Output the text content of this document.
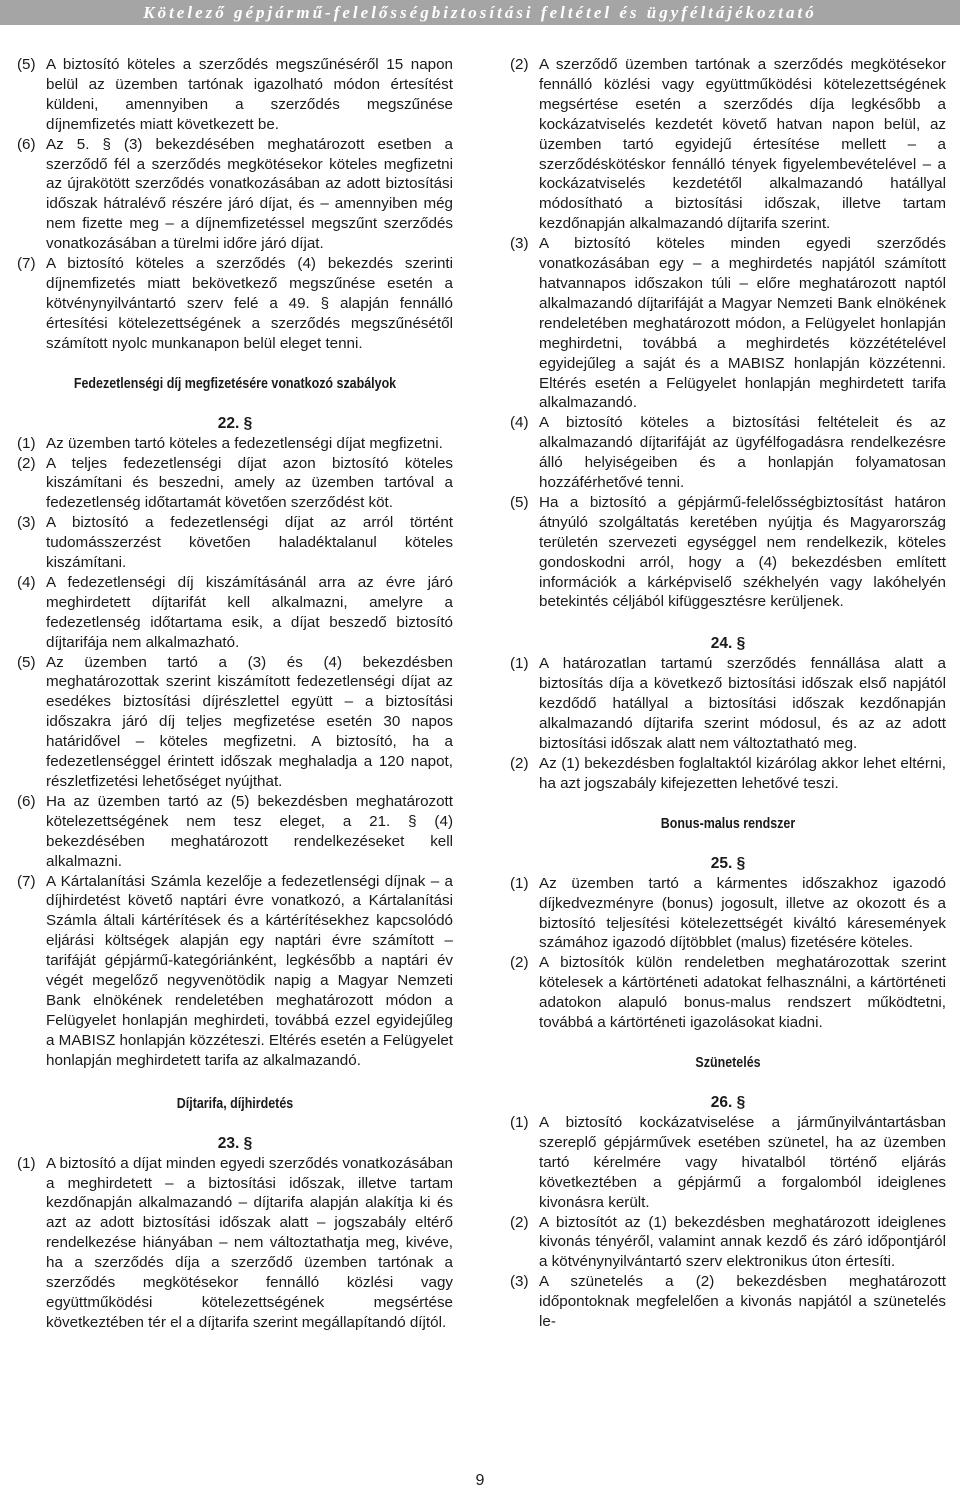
Kötelező gépjármű-felelősségbiztosítási feltétel és ügyféltájékoztató
(5) A biztosító köteles a szerződés megszűnéséről 15 napon belül az üzemben tartónak igazolható módon értesítést küldeni, amennyiben a szerződés megszűnése díjnemfizetés miatt következett be.
(6) Az 5. § (3) bekezdésében meghatározott esetben a szerződő fél a szerződés megkötésekor köteles megfizetni az újrakötött szerződés vonatkozásában az adott biztosítási időszak hátralévő részére járó díjat, és – amennyiben még nem fizette meg – a díjnemfizetéssel megszűnt szerződés vonatkozásában a türelmi időre járó díjat.
(7) A biztosító köteles a szerződés (4) bekezdés szerinti díjnemfizetés miatt bekövetkező megszűnése esetén a kötvénynyilvántartó szerv felé a 49. § alapján fennálló értesítési kötelezettségének a szerződés megszűnésétől számított nyolc munkanapon belül eleget tenni.
Fedezetlenségi díj megfizetésére vonatkozó szabályok
22. §
(1) Az üzemben tartó köteles a fedezetlenségi díjat megfizetni.
(2) A teljes fedezetlenségi díjat azon biztosító köteles kiszámítani és beszedni, amely az üzemben tartóval a fedezetlenség időtartamát követően szerződést köt.
(3) A biztosító a fedezetlenségi díjat az arról történt tudomásszerzést követően haladéktalanul köteles kiszámítani.
(4) A fedezetlenségi díj kiszámításánál arra az évre járó meghirdetett díjtarifát kell alkalmazni, amelyre a fedezetlenség időtartama esik, a díjat beszedő biztosító díjtarifája nem alkalmazható.
(5) Az üzemben tartó a (3) és (4) bekezdésben meghatározottak szerint kiszámított fedezetlenségi díjat az esedékes biztosítási díjrészlettel együtt – a biztosítási időszakra járó díj teljes megfizetése esetén 30 napos határidővel – köteles megfizetni. A biztosító, ha a fedezetlenséggel érintett időszak meghaladja a 120 napot, részletfizetési lehetőséget nyújthat.
(6) Ha az üzemben tartó az (5) bekezdésben meghatározott kötelezettségének nem tesz eleget, a 21. § (4) bekezdésében meghatározott rendelkezéseket kell alkalmazni.
(7) A Kártalanítási Számla kezelője a fedezetlenségi díjnak – a díjhirdetést követő naptári évre vonatkozó, a Kártalanítási Számla általi kártérítések és a kártérítésekhez kapcsolódó eljárási költségek alapján egy naptári évre számított – tarifáját gépjármű-kategóriánként, legkésőbb a naptári év végét megelőző negyvenötödik napig a Magyar Nemzeti Bank elnökének rendeletében meghatározott módon a Felügyelet honlapján meghirdeti, továbbá ezzel egyidejűleg a MABISZ honlapján közzéteszi. Eltérés esetén a Felügyelet honlapján meghirdetett tarifa az alkalmazandó.
Díjtarifa, díjhirdetés
23. §
(1) A biztosító a díjat minden egyedi szerződés vonatkozásában a meghirdetett – a biztosítási időszak, illetve tartam kezdőnapján alkalmazandó – díjtarifa alapján alakítja ki és azt az adott biztosítási időszak alatt – jogszabály eltérő rendelkezése hiányában – nem változtathatja meg, kivéve, ha a szerződés díja a szerződő üzemben tartónak a szerződés megkötésekor fennálló közlési vagy együttműködési kötelezettségének megsértése következtében tér el a díjtarifa szerint megállapítandó díjtól.
(2) A szerződő üzemben tartónak a szerződés megkötésekor fennálló közlési vagy együttműködési kötelezettségének megsértése esetén a szerződés díja legkésőbb a kockázatviselés kezdetét követő hatvan napon belül, az üzemben tartó egyidejű értesítése mellett – a szerződéskötéskor fennálló tények figyelembevételével – a kockázatviselés kezdetétől alkalmazandó hatállyal módosítható a biztosítási időszak, illetve tartam kezdőnapján alkalmazandó díjtarifa szerint.
(3) A biztosító köteles minden egyedi szerződés vonatkozásában egy – a meghirdetés napjától számított hatvannapos időszakon túli – előre meghatározott naptól alkalmazandó díjtarifáját a Magyar Nemzeti Bank elnökének rendeletében meghatározott módon, a Felügyelet honlapján meghirdetni, továbbá a meghirdetés közzétételével egyidejűleg a saját és a MABISZ honlapján közzétenni. Eltérés esetén a Felügyelet honlapján meghirdetett tarifa alkalmazandó.
(4) A biztosító köteles a biztosítási feltételeit és az alkalmazandó díjtarifáját az ügyfélfogadásra rendelkezésre álló helyiségeiben és a honlapján folyamatosan hozzáférhetővé tenni.
(5) Ha a biztosító a gépjármű-felelősségbiztosítást határon átnyúló szolgáltatás keretében nyújtja és Magyarország területén szervezeti egységgel nem rendelkezik, köteles gondoskodni arról, hogy a (4) bekezdésben említett információk a kárképviselő székhelyén vagy lakóhelyén betekintés céljából kifüggesztésre kerüljenek.
24. §
(1) A határozatlan tartamú szerződés fennállása alatt a biztosítás díja a következő biztosítási időszak első napjától kezdődő hatállyal a biztosítási időszak kezdőnapján alkalmazandó díjtarifa szerint módosul, és az az adott biztosítási időszak alatt nem változtatható meg.
(2) Az (1) bekezdésben foglaltaktól kizárólag akkor lehet eltérni, ha azt jogszabály kifejezetten lehetővé teszi.
Bonus-malus rendszer
25. §
(1) Az üzemben tartó a kármentes időszakhoz igazodó díjkedvezményre (bonus) jogosult, illetve az okozott és a biztosító teljesítési kötelezettségét kiváltó káresemények számához igazodó díjtöbblet (malus) fizetésére köteles.
(2) A biztosítók külön rendeletben meghatározottak szerint kötelesek a kártörténeti adatokat felhasználni, a kártörténeti adatokon alapuló bonus-malus rendszert működtetni, továbbá a kártörténeti igazolásokat kiadni.
Szünetelés
26. §
(1) A biztosító kockázatviselése a járműnyilvántartásban szereplő gépjárművek esetében szünetel, ha az üzemben tartó kérelmére vagy hivatalból történő eljárás következtében a gépjármű a forgalomból ideiglenes kivonásra került.
(2) A biztosítót az (1) bekezdésben meghatározott ideiglenes kivonás tényéről, valamint annak kezdő és záró időpontjáról a kötvénynyilvántartó szerv elektronikus úton értesíti.
(3) A szünetelés a (2) bekezdésben meghatározott időpontoknak megfelelően a kivonás napjától a szünetelés le-
9
